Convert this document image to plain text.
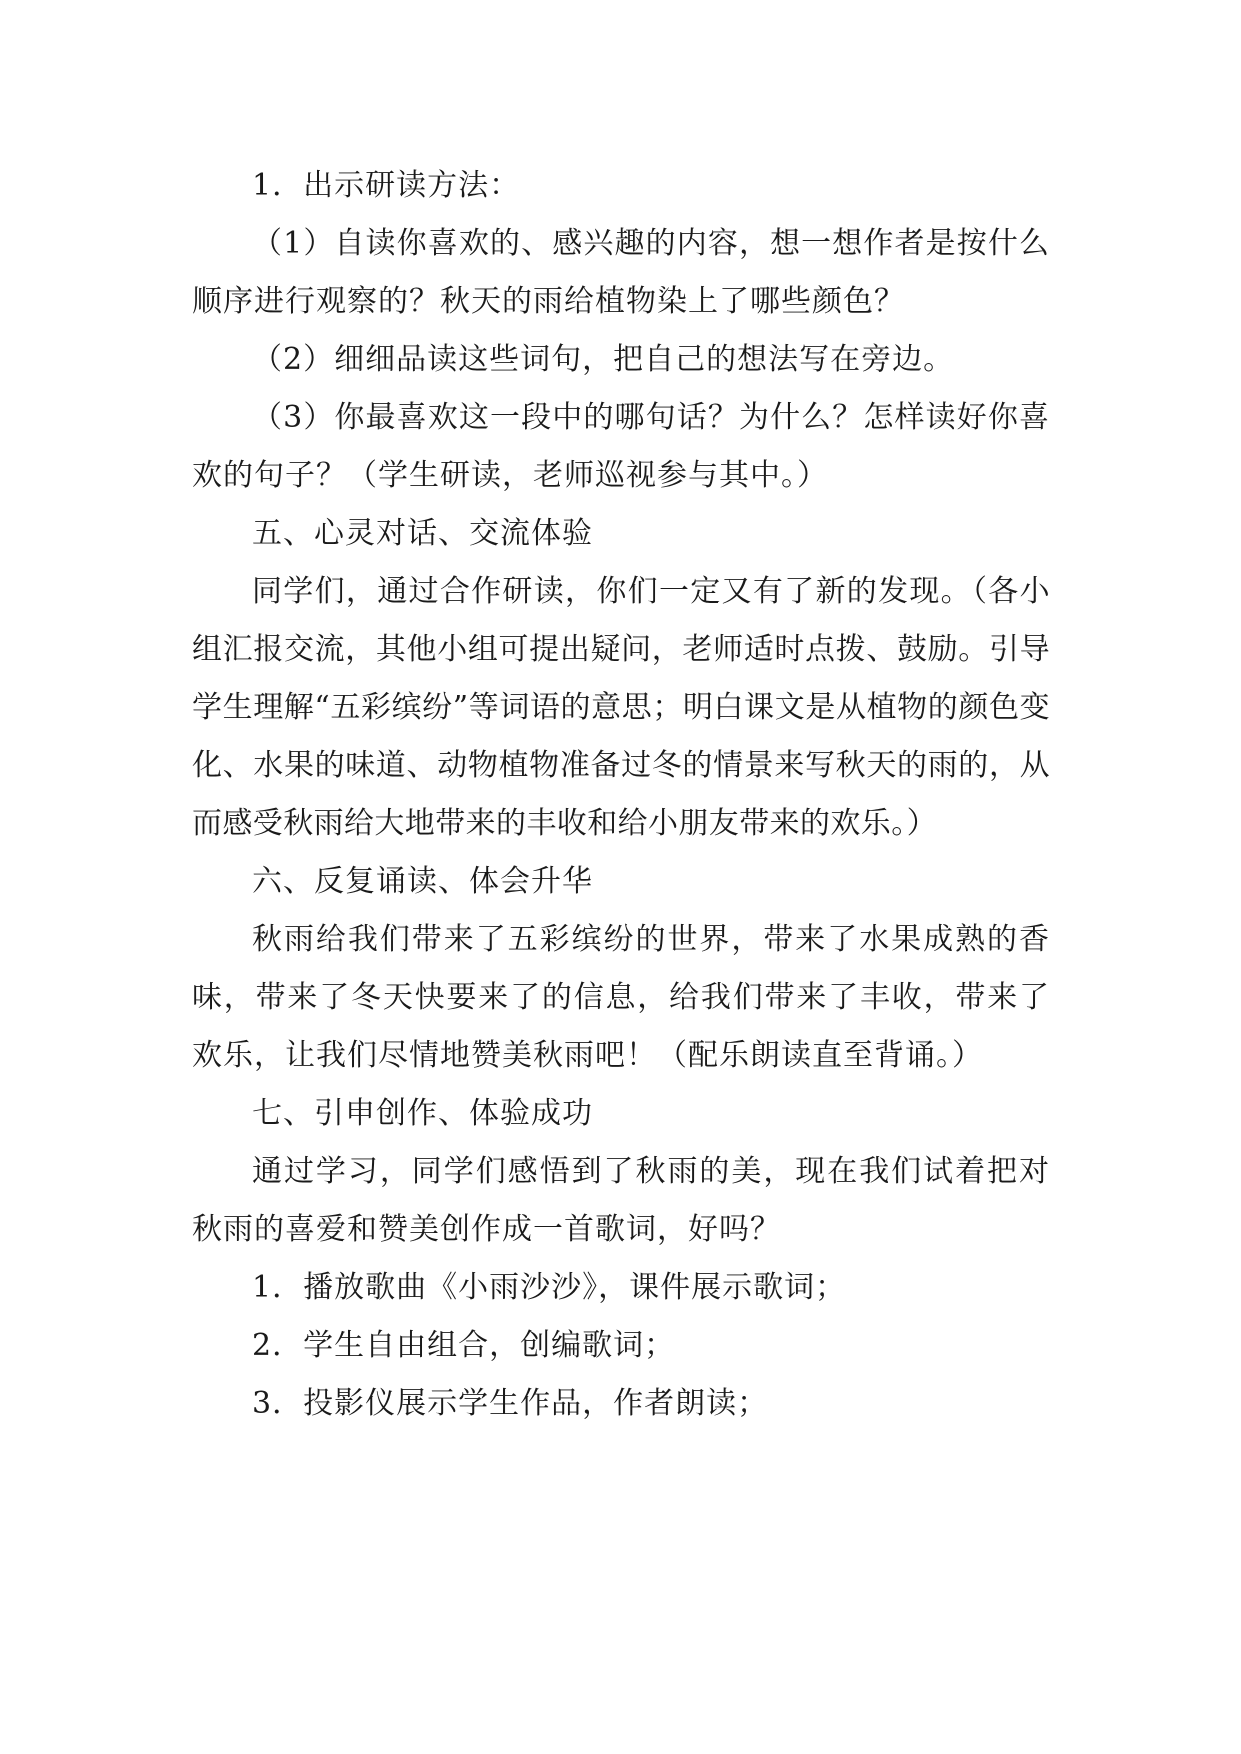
1．出示研读方法：

（1）自读你喜欢的、感兴趣的内容，想一想作者是按什么顺序进行观察的？秋天的雨给植物染上了哪些颜色？

（2）细细品读这些词句，把自己的想法写在旁边。

（3）你最喜欢这一段中的哪句话？为什么？怎样读好你喜欢的句子？（学生研读，老师巡视参与其中。）

五、心灵对话、交流体验

同学们，通过合作研读，你们一定又有了新的发现。（各小组汇报交流，其他小组可提出疑问，老师适时点拨、鼓励。引导学生理解“五彩缤纷”等词语的意思；明白课文是从植物的颜色变化、水果的味道、动物植物准备过冬的情景来写秋天的雨的，从而感受秋雨给大地带来的丰收和给小朋友带来的欢乐。）

六、反复诵读、体会升华

秋雨给我们带来了五彩缤纷的世界，带来了水果成熟的香味，带来了冬天快要来了的信息，给我们带来了丰收，带来了欢乐，让我们尽情地赞美秋雨吧！（配乐朗读直至背诵。）

七、引申创作、体验成功

通过学习，同学们感悟到了秋雨的美，现在我们试着把对秋雨的喜爱和赞美创作成一首歌词，好吗？

1．播放歌曲《小雨沙沙》，课件展示歌词；

2．学生自由组合，创编歌词；

3．投影仪展示学生作品，作者朗读；
